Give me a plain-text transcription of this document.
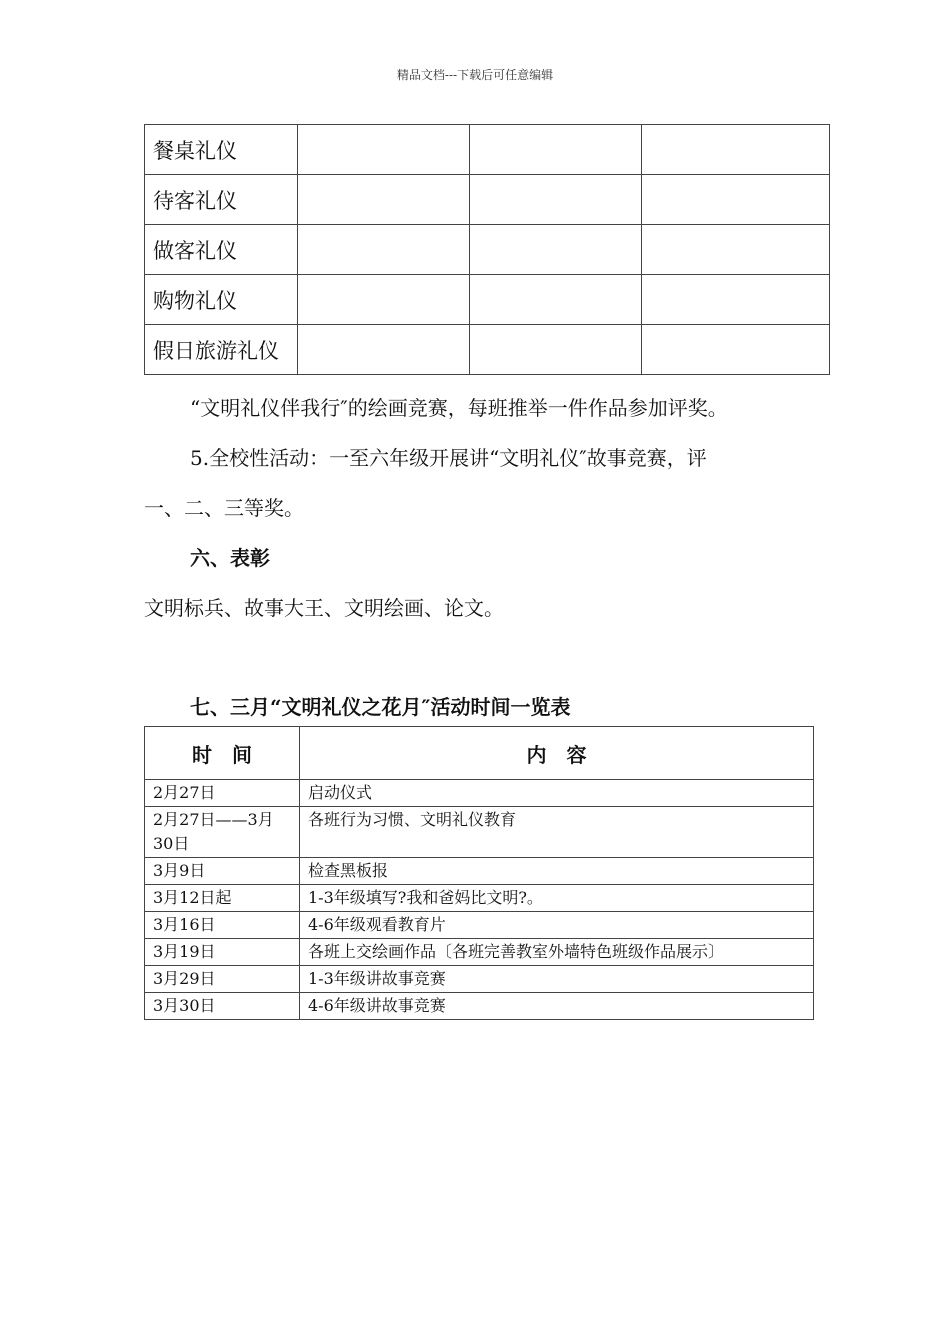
精品文档---下载后可任意编辑
餐桌礼仪			
待客礼仪			
做客礼仪			
购物礼仪			
假日旅游礼仪			
“文明礼仪伴我行″的绘画竞赛，每班推举一件作品参加评奖。
5.全校性活动：一至六年级开展讲“文明礼仪″故事竞赛，评
一、二、三等奖。
六、表彰
文明标兵、故事大王、文明绘画、论文。
七、三月“文明礼仪之花月″活动时间一览表
时　间	内　容
2月27日	启动仪式
2月27日——3月30日	各班行为习惯、文明礼仪教育
3月9日	检查黑板报
3月12日起	1-3年级填写?我和爸妈比文明?。
3月16日	4-6年级观看教育片
3月19日	各班上交绘画作品〔各班完善教室外墙特色班级作品展示〕
3月29日	1-3年级讲故事竞赛
3月30日	4-6年级讲故事竞赛
